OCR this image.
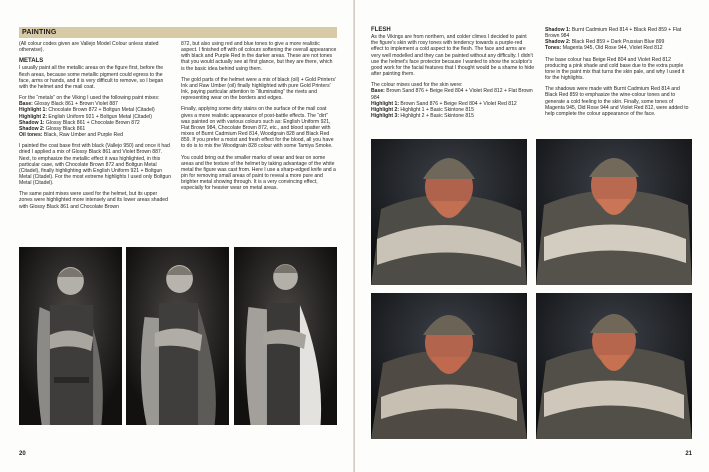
PAINTING

(All colour codes given are Vallejo Model Colour unless stated otherwise).

METALS

I usually paint all the metallic areas on the figure first, before the flesh areas, because some metallic pigment could egress to the face, arms or hands, and it is very difficult to remove, so I began with the helmet and the mail coat.

For the “metals” on the Viking I used the following paint mixes:

Base: Glossy Black 861 + Brown Violet 887
Highlight 1: Chocolate Brown 872 + Boltgun Metal (Citadel)
Highlight 2: English Uniform 921 + Boltgun Metal (Citadel)
Shadow 1: Glossy Black 861 + Chocolate Brown 872
Shadow 2: Glossy Black 861
Oil tones: Black, Raw Umber and Purple Red

I painted the coat base first with black (Vallejo 950) and once it had dried I applied a mix of Glossy Black 861 and Violet Brown 887. Next, to emphasize the metallic effect it was highlighted, in this particular case, with Chocolate Brown 872 and Boltgun Metal (Citadel), finally highlighting with English Uniform 921 + Boltgun Metal (Citadel). For the most extreme highlights I used only Boltgun Metal (Citadel).

The same paint mixes were used for the helmet, but its upper zones were highlighted more intensely and its lower areas shaded with Glossy Black 861 and Chocolate Brown

872, but also using red and blue tones to give a more realistic aspect. I finished off with oil colours softening the overall appearance with black and Purple Red in the darker areas. These are not tones that you would actually see at first glance, but they are there, which is the basic idea behind using them.

The gold parts of the helmet were a mix of black (oil) + Gold Printers' Ink and Raw Umber (oil) finally highlighted with pure Gold Printers' Ink, paying particular attention to “illuminating” the rivets and representing wear on the borders and edges.

Finally, applying some dirty stains on the surface of the mail coat gives a more realistic appearance of post-battle effects. The “dirt” was painted on with various colours such as: English Uniform 921, Flat Brown 984, Chocolate Brown 872, etc., and blood spatter with mixes of Burnt Cadmium Red 814, Woodgrain 828 and Black Red 859. If you prefer a moist and fresh effect for the blood, all you have to do is to mix the Woodgrain 828 colour with some Tamiya Smoke.

You could bring out the smaller marks of wear and tear on some areas and the texture of the helmet by taking advantage of the white metal the figure was cast from. Here I use a sharp-edged knife and a pin for removing small areas of paint to reveal a more pure and brighter metal showing through. It is a very convincing effect, especially for heavier wear on metal areas.

20
FLESH

As the Vikings are from northern, and colder climes I decided to paint the figure's skin with rosy tones with tendency towards a purple-red effect to implement a cold aspect to the flesh. The face and arms are very well modelled and they can be painted without any difficulty. I didn't use the helmet's face protector because I wanted to show the sculptor's good work for the facial features that I thought would be a shame to hide after painting them.

The colour mixes used for the skin were:
Base: Brown Sand 876 + Beige Red 804 + Violet Red 812 + Flat Brown 984
Highlight 1: Brown Sand 876 + Beige Red 804 + Violet Red 812
Highlight 2: Highlight 1 + Basic Skintone 815
Highlight 3: Highlight 2 + Basic Skintone 815
Shadow 1: Burnt Cadmium Red 814 + Black Red 859 + Flat Brown 984
Shadow 2: Black Red 859 + Dark Prussian Blue 899
Tones: Magenta 945, Old Rose 944, Violet Red 812

The base colour has Beige Red 804 and Violet Red 812 producing a pink shade and cold base due to the extra purple tone in the paint mix that turns the skin pale, and why I used it for the highlights.

The shadows were made with Burnt Cadmium Red 814 and Black Red 859 to emphasize the wine-colour tones and to generate a cold feeling to the skin. Finally, some tones of Magenta 945, Old Rose 944 and Violet Red 812, were added to help complete the colour appearance of the face.

21
